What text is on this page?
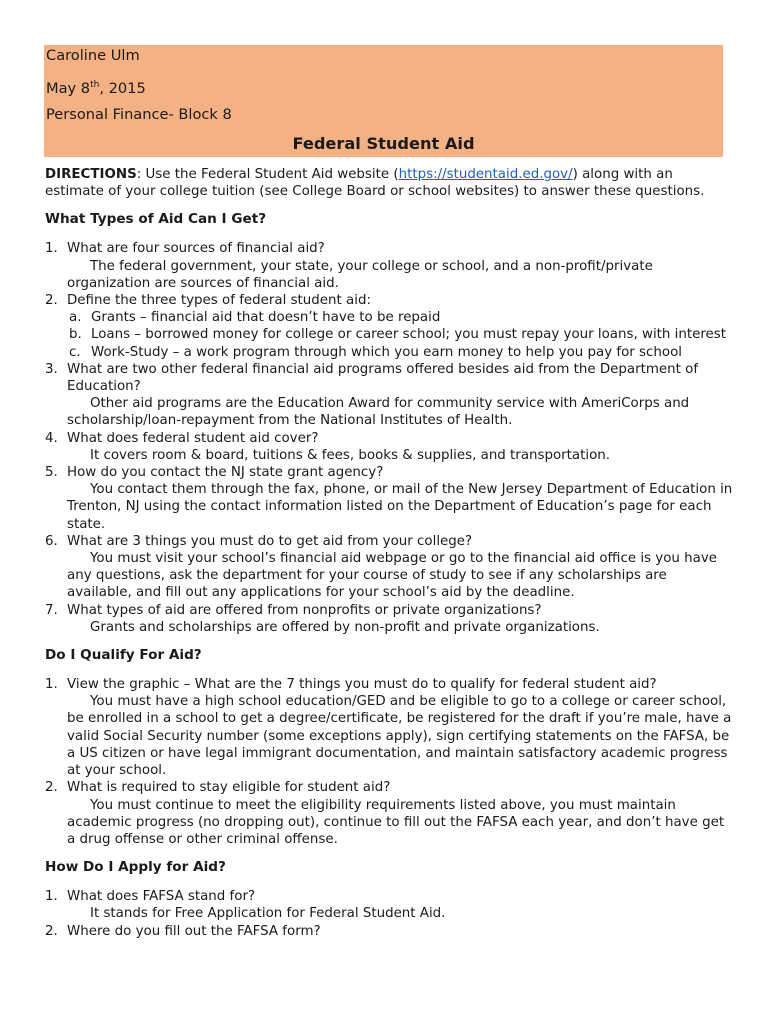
Caroline Ulm
May 8th, 2015
Personal Finance- Block 8
Federal Student Aid
DIRECTIONS: Use the Federal Student Aid website (https://studentaid.ed.gov/) along with an estimate of your college tuition (see College Board or school websites) to answer these questions.
What Types of Aid Can I Get?
1. What are four sources of financial aid?
The federal government, your state, your college or school, and a non-profit/private organization are sources of financial aid.
2. Define the three types of federal student aid:
a. Grants – financial aid that doesn’t have to be repaid
b. Loans – borrowed money for college or career school; you must repay your loans, with interest
c. Work-Study – a work program through which you earn money to help you pay for school
3. What are two other federal financial aid programs offered besides aid from the Department of Education?
Other aid programs are the Education Award for community service with AmeriCorps and scholarship/loan-repayment from the National Institutes of Health.
4. What does federal student aid cover?
It covers room & board, tuitions & fees, books & supplies, and transportation.
5. How do you contact the NJ state grant agency?
You contact them through the fax, phone, or mail of the New Jersey Department of Education in Trenton, NJ using the contact information listed on the Department of Education’s page for each state.
6. What are 3 things you must do to get aid from your college?
You must visit your school’s financial aid webpage or go to the financial aid office is you have any questions, ask the department for your course of study to see if any scholarships are available, and fill out any applications for your school’s aid by the deadline.
7. What types of aid are offered from nonprofits or private organizations?
Grants and scholarships are offered by non-profit and private organizations.
Do I Qualify For Aid?
1. View the graphic – What are the 7 things you must do to qualify for federal student aid?
You must have a high school education/GED and be eligible to go to a college or career school, be enrolled in a school to get a degree/certificate, be registered for the draft if you’re male, have a valid Social Security number (some exceptions apply), sign certifying statements on the FAFSA, be a US citizen or have legal immigrant documentation, and maintain satisfactory academic progress at your school.
2. What is required to stay eligible for student aid?
You must continue to meet the eligibility requirements listed above, you must maintain academic progress (no dropping out), continue to fill out the FAFSA each year, and don’t have get a drug offense or other criminal offense.
How Do I Apply for Aid?
1. What does FAFSA stand for?
It stands for Free Application for Federal Student Aid.
2. Where do you fill out the FAFSA form?
